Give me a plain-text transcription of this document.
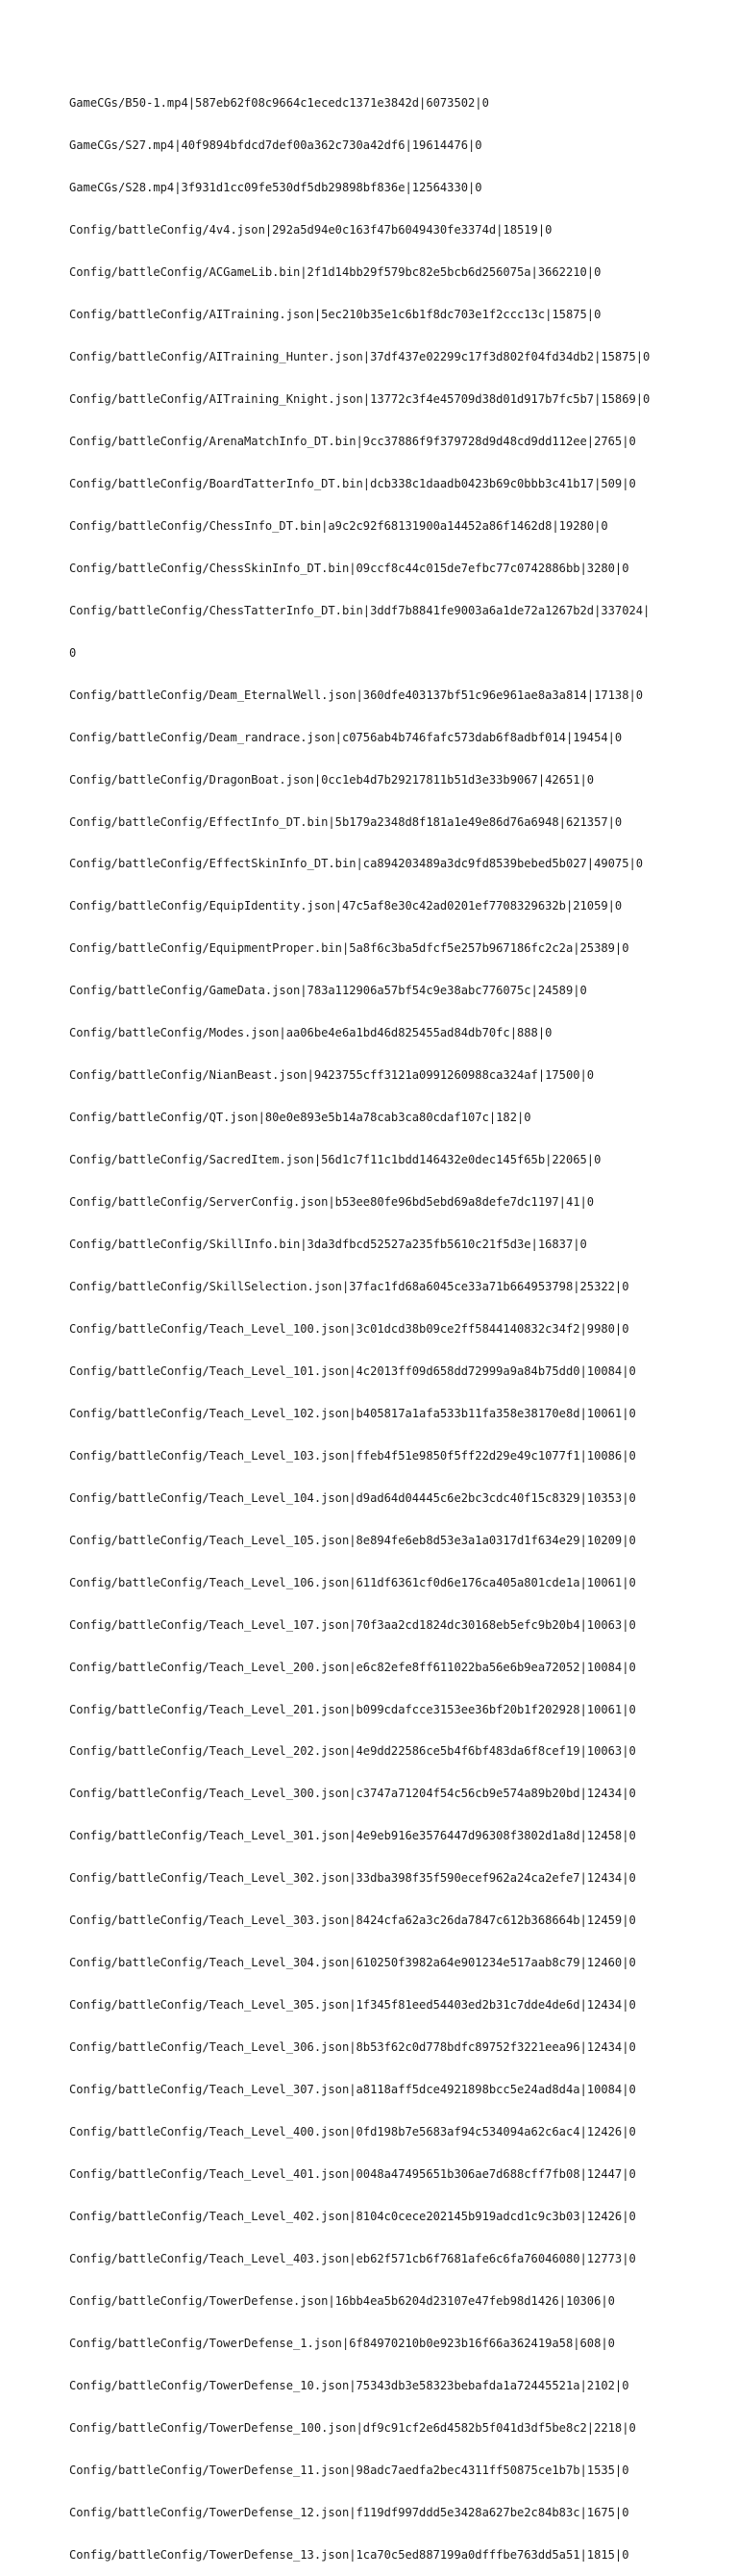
GameCGs/B50-1.mp4|587eb62f08c9664c1ecedc1371e3842d|6073502|0

GameCGs/S27.mp4|40f9894bfdcd7def00a362c730a42df6|19614476|0

GameCGs/S28.mp4|3f931d1cc09fe530df5db29898bf836e|12564330|0

Config/battleConfig/4v4.json|292a5d94e0c163f47b6049430fe3374d|18519|0

Config/battleConfig/ACGameLib.bin|2f1d14bb29f579bc82e5bcb6d256075a|3662210|0

Config/battleConfig/AITraining.json|5ec210b35e1c6b1f8dc703e1f2ccc13c|15875|0

Config/battleConfig/AITraining_Hunter.json|37df437e02299c17f3d802f04fd34db2|15875|0

Config/battleConfig/AITraining_Knight.json|13772c3f4e45709d38d01d917b7fc5b7|15869|0

Config/battleConfig/ArenaMatchInfo_DT.bin|9cc37886f9f379728d9d48cd9dd112ee|2765|0

Config/battleConfig/BoardTatterInfo_DT.bin|dcb338c1daadb0423b69c0bbb3c41b17|509|0

Config/battleConfig/ChessInfo_DT.bin|a9c2c92f68131900a14452a86f1462d8|19280|0

Config/battleConfig/ChessSkinInfo_DT.bin|09ccf8c44c015de7efbc77c0742886bb|3280|0

Config/battleConfig/ChessTatterInfo_DT.bin|3ddf7b8841fe9003a6a1de72a1267b2d|337024|

0

Config/battleConfig/Deam_EternalWell.json|360dfe403137bf51c96e961ae8a3a814|17138|0

Config/battleConfig/Deam_randrace.json|c0756ab4b746fafc573dab6f8adbf014|19454|0

Config/battleConfig/DragonBoat.json|0cc1eb4d7b29217811b51d3e33b9067|42651|0

Config/battleConfig/EffectInfo_DT.bin|5b179a2348d8f181a1e49e86d76a6948|621357|0

Config/battleConfig/EffectSkinInfo_DT.bin|ca894203489a3dc9fd8539bebed5b027|49075|0

Config/battleConfig/EquipIdentity.json|47c5af8e30c42ad0201ef7708329632b|21059|0

Config/battleConfig/EquipmentProper.bin|5a8f6c3ba5dfcf5e257b967186fc2c2a|25389|0

Config/battleConfig/GameData.json|783a112906a57bf54c9e38abc776075c|24589|0

Config/battleConfig/Modes.json|aa06be4e6a1bd46d825455ad84db70fc|888|0

Config/battleConfig/NianBeast.json|9423755cff3121a0991260988ca324af|17500|0

Config/battleConfig/QT.json|80e0e893e5b14a78cab3ca80cdaf107c|182|0

Config/battleConfig/SacredItem.json|56d1c7f11c1bdd146432e0dec145f65b|22065|0

Config/battleConfig/ServerConfig.json|b53ee80fe96bd5ebd69a8defe7dc1197|41|0

Config/battleConfig/SkillInfo.bin|3da3dfbcd52527a235fb5610c21f5d3e|16837|0

Config/battleConfig/SkillSelection.json|37fac1fd68a6045ce33a71b664953798|25322|0

Config/battleConfig/Teach_Level_100.json|3c01dcd38b09ce2ff5844140832c34f2|9980|0

Config/battleConfig/Teach_Level_101.json|4c2013ff09d658dd72999a9a84b75dd0|10084|0

Config/battleConfig/Teach_Level_102.json|b405817a1afa533b11fa358e38170e8d|10061|0

Config/battleConfig/Teach_Level_103.json|ffeb4f51e9850f5ff22d29e49c1077f1|10086|0

Config/battleConfig/Teach_Level_104.json|d9ad64d04445c6e2bc3cdc40f15c8329|10353|0

Config/battleConfig/Teach_Level_105.json|8e894fe6eb8d53e3a1a0317d1f634e29|10209|0

Config/battleConfig/Teach_Level_106.json|611df6361cf0d6e176ca405a801cde1a|10061|0

Config/battleConfig/Teach_Level_107.json|70f3aa2cd1824dc30168eb5efc9b20b4|10063|0

Config/battleConfig/Teach_Level_200.json|e6c82efe8ff611022ba56e6b9ea72052|10084|0

Config/battleConfig/Teach_Level_201.json|b099cdafcce3153ee36bf20b1f202928|10061|0

Config/battleConfig/Teach_Level_202.json|4e9dd22586ce5b4f6bf483da6f8cef19|10063|0

Config/battleConfig/Teach_Level_300.json|c3747a71204f54c56cb9e574a89b20bd|12434|0

Config/battleConfig/Teach_Level_301.json|4e9eb916e3576447d96308f3802d1a8d|12458|0

Config/battleConfig/Teach_Level_302.json|33dba398f35f590ecef962a24ca2efe7|12434|0

Config/battleConfig/Teach_Level_303.json|8424cfa62a3c26da7847c612b368664b|12459|0

Config/battleConfig/Teach_Level_304.json|610250f3982a64e901234e517aab8c79|12460|0

Config/battleConfig/Teach_Level_305.json|1f345f81eed54403ed2b31c7dde4de6d|12434|0

Config/battleConfig/Teach_Level_306.json|8b53f62c0d778bdfc89752f3221eea96|12434|0

Config/battleConfig/Teach_Level_307.json|a8118aff5dce4921898bcc5e24ad8d4a|10084|0

Config/battleConfig/Teach_Level_400.json|0fd198b7e5683af94c534094a62c6ac4|12426|0

Config/battleConfig/Teach_Level_401.json|0048a47495651b306ae7d688cff7fb08|12447|0

Config/battleConfig/Teach_Level_402.json|8104c0cece202145b919adcd1c9c3b03|12426|0

Config/battleConfig/Teach_Level_403.json|eb62f571cb6f7681afe6c6fa76046080|12773|0

Config/battleConfig/TowerDefense.json|16bb4ea5b6204d23107e47feb98d1426|10306|0

Config/battleConfig/TowerDefense_1.json|6f84970210b0e923b16f66a362419a58|608|0

Config/battleConfig/TowerDefense_10.json|75343db3e58323bebafda1a72445521a|2102|0

Config/battleConfig/TowerDefense_100.json|df9c91cf2e6d4582b5f041d3df5be8c2|2218|0

Config/battleConfig/TowerDefense_11.json|98adc7aedfa2bec4311ff50875ce1b7b|1535|0

Config/battleConfig/TowerDefense_12.json|f119df997ddd5e3428a627be2c84b83c|1675|0

Config/battleConfig/TowerDefense_13.json|1ca70c5ed887199a0dfffbe763dd5a51|1815|0
